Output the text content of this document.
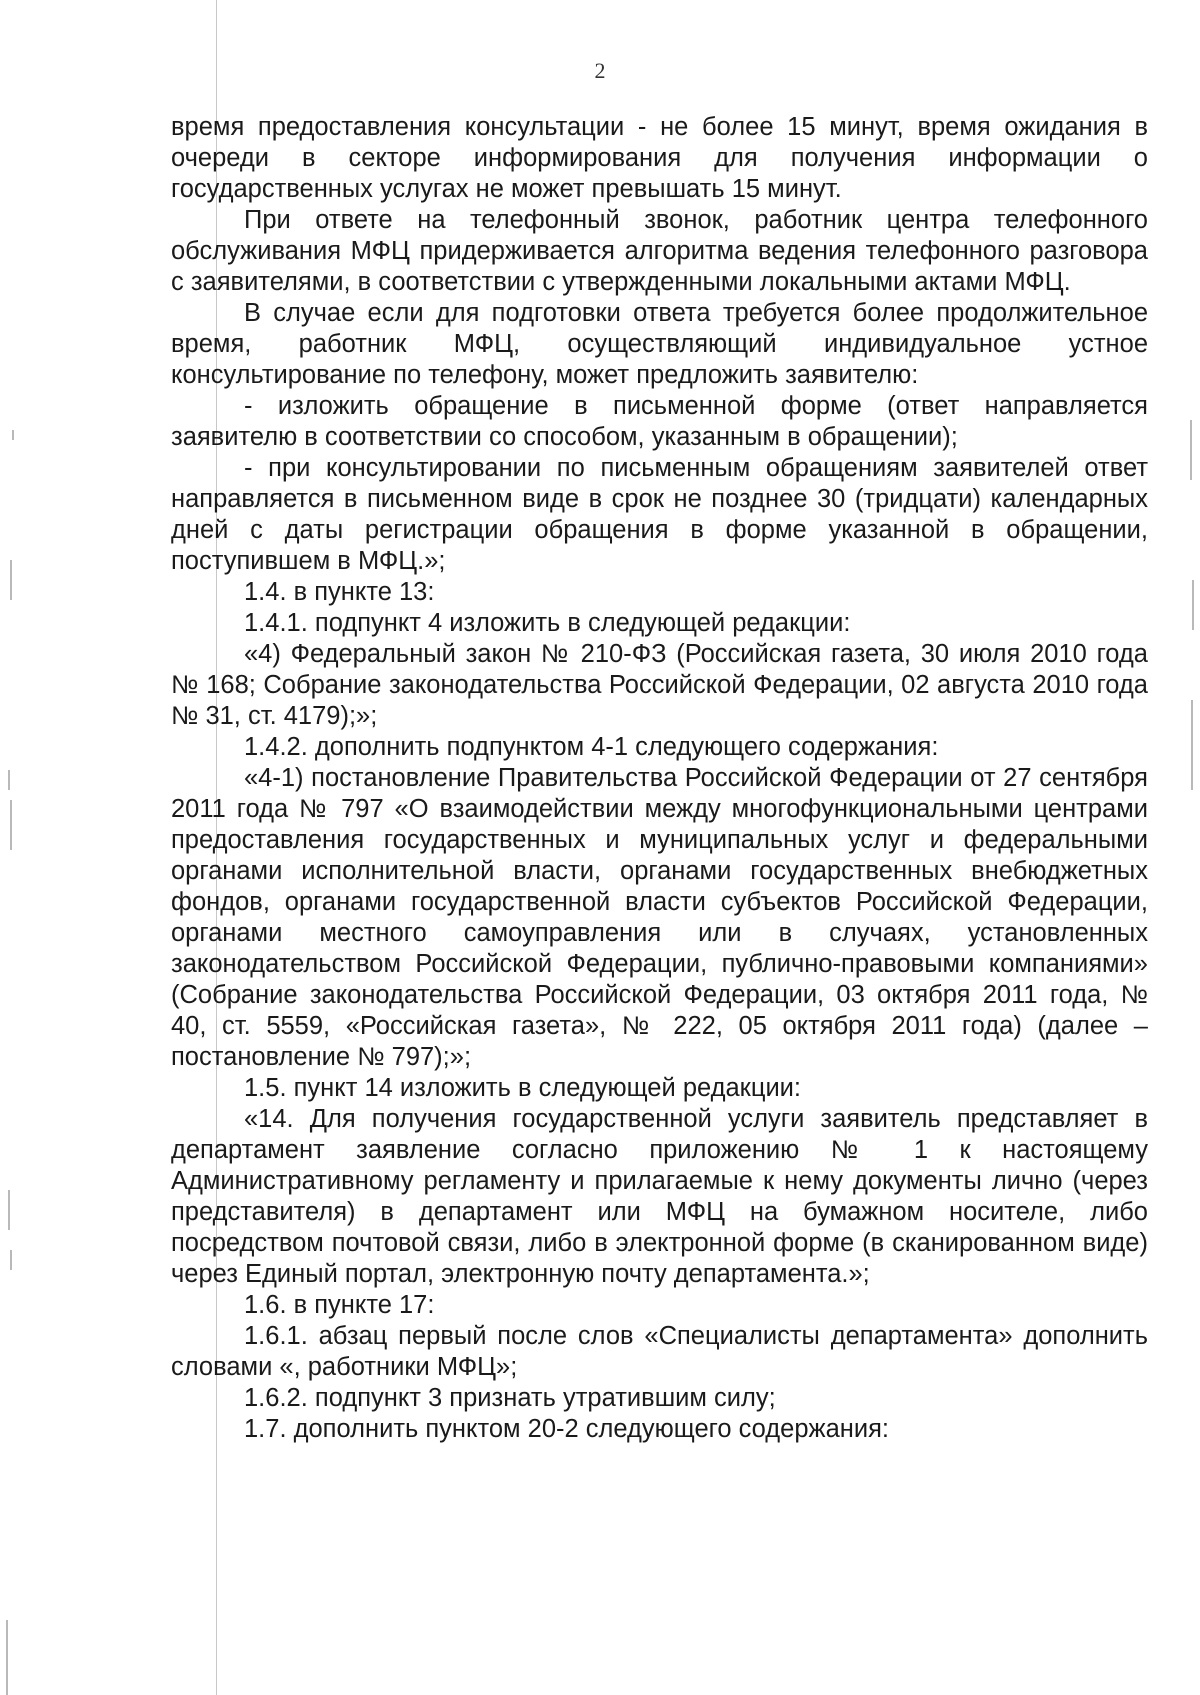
2

время предоставления консультации - не более 15 минут, время ожидания в очереди в секторе информирования для получения информации о государственных услугах не может превышать 15 минут.

При ответе на телефонный звонок, работник центра телефонного обслуживания МФЦ придерживается алгоритма ведения телефонного разговора с заявителями, в соответствии с утвержденными локальными актами МФЦ.

В случае если для подготовки ответа требуется более продолжительное время, работник МФЦ, осуществляющий индивидуальное устное консультирование по телефону, может предложить заявителю:

- изложить обращение в письменной форме (ответ направляется заявителю в соответствии со способом, указанным в обращении);

- при консультировании по письменным обращениям заявителей ответ направляется в письменном виде в срок не позднее 30 (тридцати) календарных дней с даты регистрации обращения в форме указанной в обращении, поступившем в МФЦ.»;

1.4. в пункте 13:

1.4.1. подпункт 4 изложить в следующей редакции:

«4) Федеральный закон № 210-ФЗ (Российская газета, 30 июля 2010 года № 168; Собрание законодательства Российской Федерации, 02 августа 2010 года № 31, ст. 4179);»;

1.4.2. дополнить подпунктом 4-1 следующего содержания:

«4-1) постановление Правительства Российской Федерации от 27 сентября 2011 года № 797 «О взаимодействии между многофункциональными центрами предоставления государственных и муниципальных услуг и федеральными органами исполнительной власти, органами государственных внебюджетных фондов, органами государственной власти субъектов Российской Федерации, органами местного самоуправления или в случаях, установленных законодательством Российской Федерации, публично-правовыми компаниями» (Собрание законодательства Российской Федерации, 03 октября 2011 года, № 40, ст. 5559, «Российская газета», № 222, 05 октября 2011 года) (далее – постановление № 797);»;

1.5. пункт 14 изложить в следующей редакции:

«14. Для получения государственной услуги заявитель представляет в департамент заявление согласно приложению № 1 к настоящему Административному регламенту и прилагаемые к нему документы лично (через представителя) в департамент или МФЦ на бумажном носителе, либо посредством почтовой связи, либо в электронной форме (в сканированном виде) через Единый портал, электронную почту департамента.»;

1.6. в пункте 17:

1.6.1. абзац первый после слов «Специалисты департамента» дополнить словами «, работники МФЦ»;

1.6.2. подпункт 3 признать утратившим силу;

1.7. дополнить пунктом 20-2 следующего содержания:
